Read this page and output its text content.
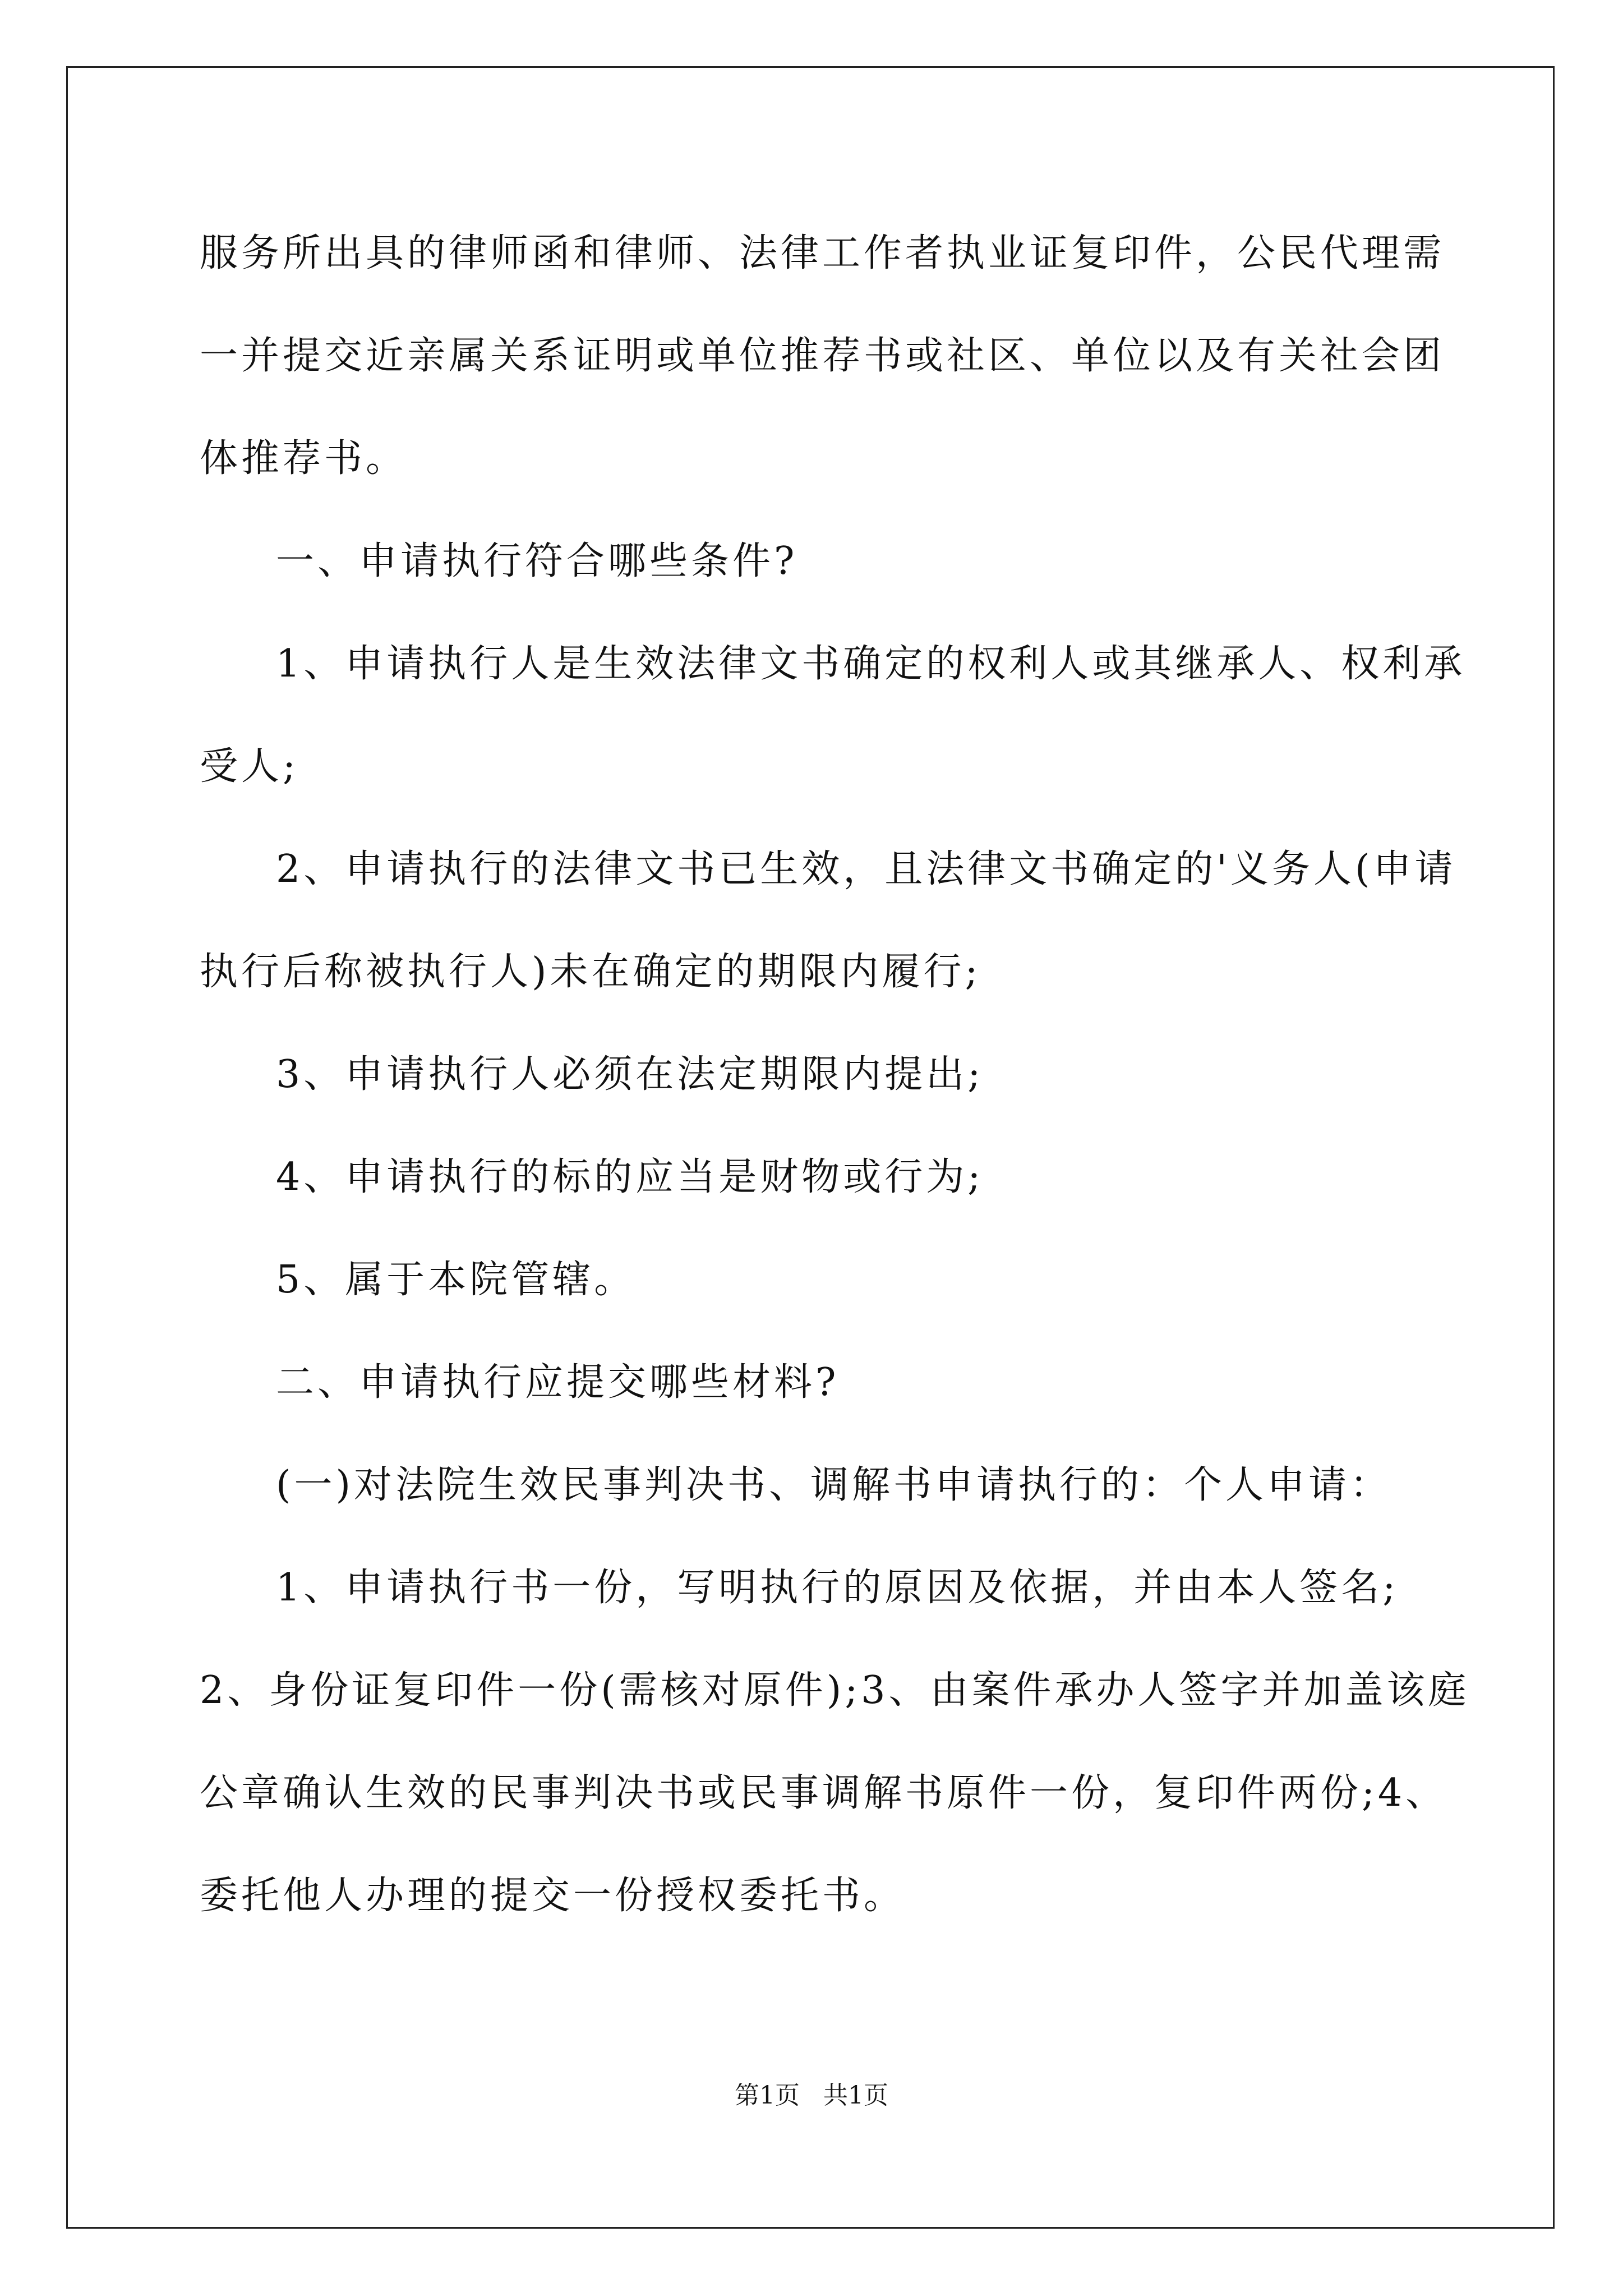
服务所出具的律师函和律师、法律工作者执业证复印件，公民代理需
一并提交近亲属关系证明或单位推荐书或社区、单位以及有关社会团
体推荐书。
一、申请执行符合哪些条件?
1、申请执行人是生效法律文书确定的权利人或其继承人、权利承
受人;
2、申请执行的法律文书已生效，且法律文书确定的'义务人(申请
执行后称被执行人)未在确定的期限内履行;
3、申请执行人必须在法定期限内提出;
4、申请执行的标的应当是财物或行为;
5、属于本院管辖。
二、申请执行应提交哪些材料?
(一)对法院生效民事判决书、调解书申请执行的：个人申请：
1、申请执行书一份，写明执行的原因及依据，并由本人签名;
2、身份证复印件一份(需核对原件);3、由案件承办人签字并加盖该庭
公章确认生效的民事判决书或民事调解书原件一份，复印件两份;4、
委托他人办理的提交一份授权委托书。
第1页   共1页
